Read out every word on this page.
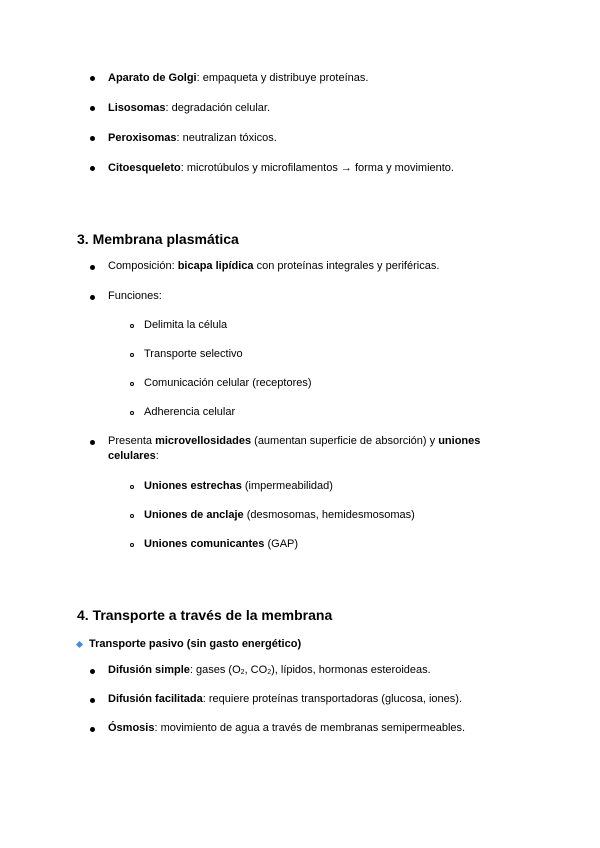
Aparato de Golgi: empaqueta y distribuye proteínas.
Lisosomas: degradación celular.
Peroxisomas: neutralizan tóxicos.
Citoesqueleto: microtúbulos y microfilamentos → forma y movimiento.
3. Membrana plasmática
Composición: bicapa lipídica con proteínas integrales y periféricas.
Funciones:
Delimita la célula
Transporte selectivo
Comunicación celular (receptores)
Adherencia celular
Presenta microvellosidades (aumentan superficie de absorción) y uniones
celulares:
Uniones estrechas (impermeabilidad)
Uniones de anclaje (desmosomas, hemidesmosomas)
Uniones comunicantes (GAP)
4. Transporte a través de la membrana
Transporte pasivo (sin gasto energético)
Difusión simple: gases (O2, CO2), lípidos, hormonas esteroideas.
Difusión facilitada: requiere proteínas transportadoras (glucosa, iones).
Ósmosis: movimiento de agua a través de membranas semipermeables.
